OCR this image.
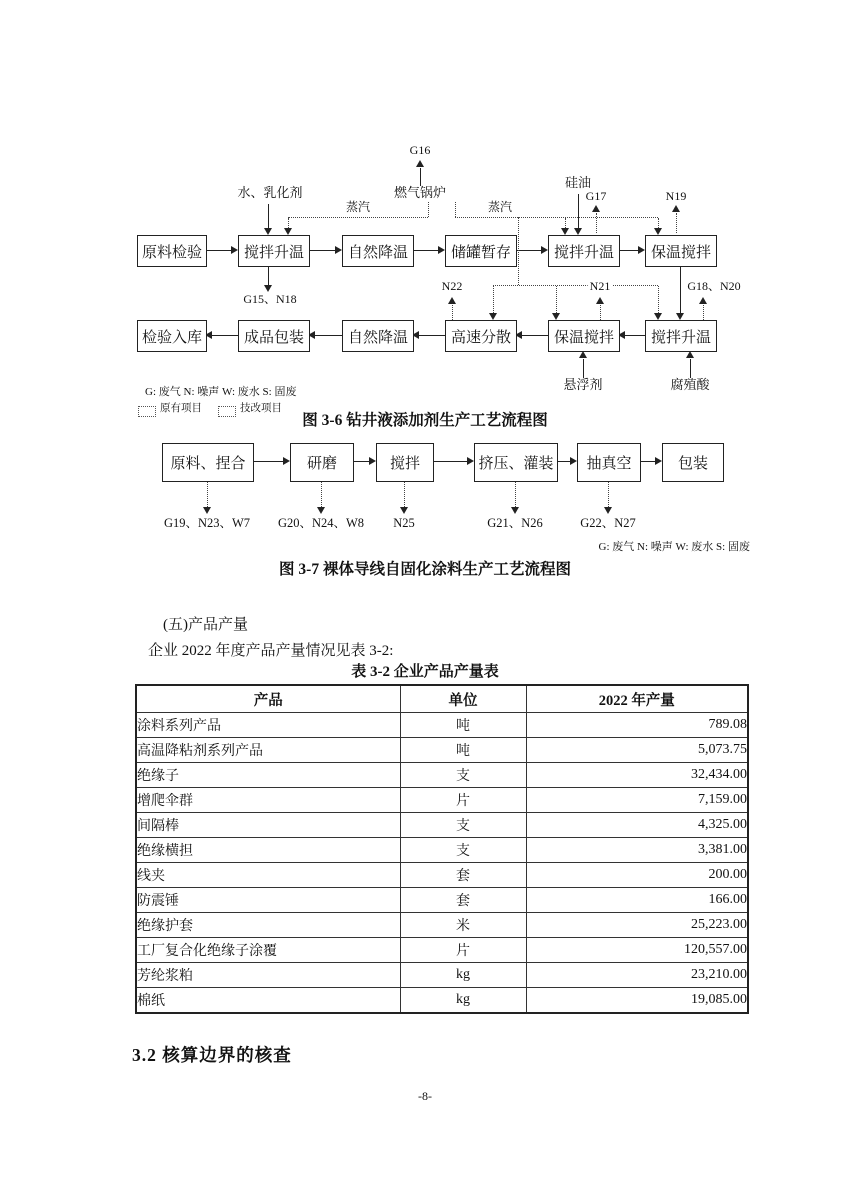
原料检验	搅拌升温	自然降温	储罐暂存	搅拌升温	保温搅拌
检验入库	成品包装	自然降温	高速分散	保温搅拌	搅拌升温
G16
燃气锅炉
水、乳化剂
蒸汽	蒸汽
硅油
G17	N19
G15、N18
N22	N21	G18、N20
悬浮剂	腐殖酸
G: 废气 N: 噪声 W: 废水 S: 固废
原有项目	技改项目
图 3-6 钻井液添加剂生产工艺流程图
原料、捏合	研磨	搅拌	挤压、灌装	抽真空	包装
G19、N23、W7 G20、N24、W8 N25	G21、N26	G22、N27
G: 废气 N: 噪声 W: 废水 S: 固废
图 3-7 裸体导线自固化涂料生产工艺流程图
(五)产品产量
企业 2022 年度产品产量情况见表 3-2:
表 3-2 企业产品产量表
产品	单位	2022 年产量
涂料系列产品	吨	789.08
高温降粘剂系列产品	吨	5,073.75
绝缘子	支	32,434.00
增爬伞群	片	7,159.00
间隔棒	支	4,325.00
绝缘横担	支	3,381.00
线夹	套	200.00
防震锤	套	166.00
绝缘护套	米	25,223.00
工厂复合化绝缘子涂覆	片	120,557.00
芳纶浆粕	kg	23,210.00
棉纸	kg	19,085.00
3.2 核算边界的核查
-8-
